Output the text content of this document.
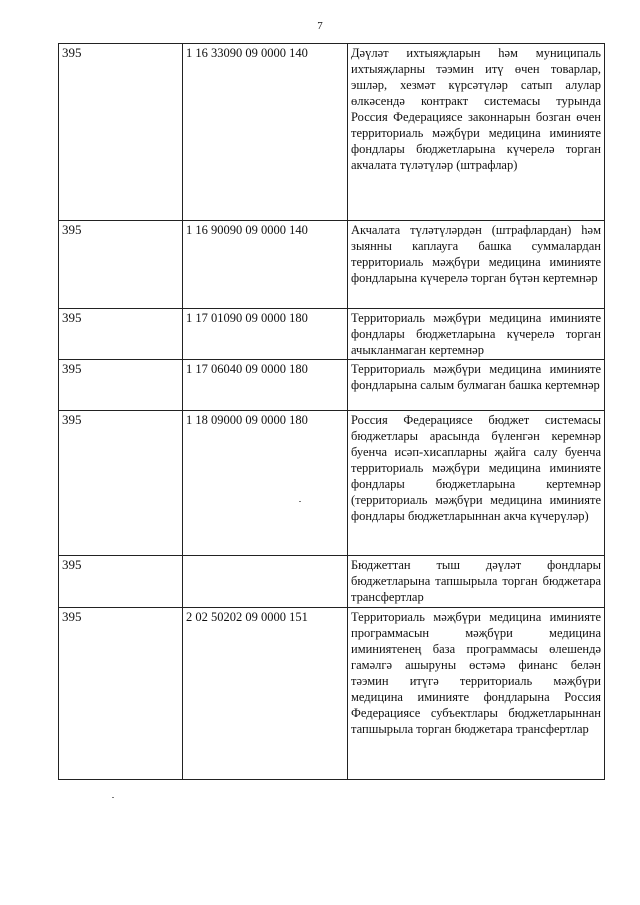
7
395	1 16 33090 09 0000 140	Дәүләт ихтыяҗларын һәм муниципаль ихтыяҗларны тәэмин итү өчен товарлар, эшләр, хезмәт күрсәтүләр сатып алулар өлкәсендә контракт системасы турында Россия Федерациясе законнарын бозган өчен территориаль мәҗбүри медицина иминияте фондлары бюджетларына күчерелә торган акчалата түләтүләр (штрафлар)
395	1 16 90090 09 0000 140	Акчалата түләтүләрдән (штрафлардан) һәм зыянны каплауга башка суммалардан территориаль мәҗбүри медицина иминияте фондларына күчерелә торган бүтән кертемнәр
395	1 17 01090 09 0000 180	Территориаль мәҗбүри медицина иминияте фондлары бюджетларына күчерелә торган ачыкланмаган кертемнәр
395	1 17 06040 09 0000 180	Территориаль мәҗбүри медицина иминияте фондларына салым булмаган башка кертемнәр
395	1 18 09000 09 0000 180	Россия Федерациясе бюджет системасы бюджетлары арасында бүленгән керемнәр буенча исәп-хисапларны җайга салу буенча территориаль мәҗбүри медицина иминияте фондлары бюджетларына кертемнәр (территориаль мәҗбүри медицина иминияте фондлары бюджетларыннан акча күчерүләр)
395		Бюджеттан тыш дәүләт фондлары бюджетларына тапшырыла торган бюджетара трансфертлар
395	2 02 50202 09 0000 151	Территориаль мәҗбүри медицина иминияте программасын мәҗбүри медицина иминиятенең база программасы өлешендә гамәлгә ашыруны өстәмә финанс белән тәэмин итүгә территориаль мәҗбүри медицина иминияте фондларына Россия Федерациясе субъектлары бюджетларыннан тапшырыла торган бюджетара трансфертлар
